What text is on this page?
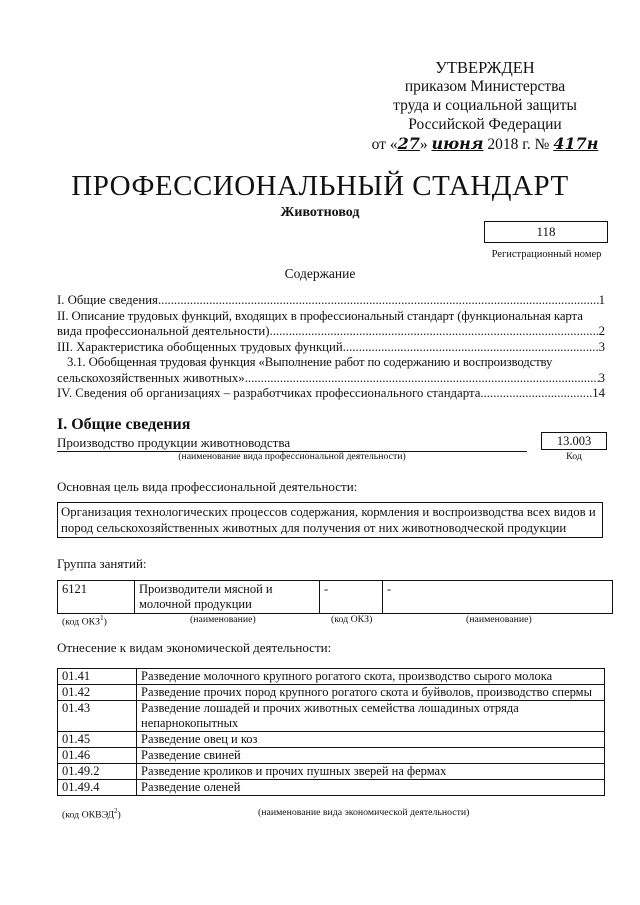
УТВЕРЖДЕН
приказом Министерства
труда и социальной защиты
Российской Федерации
от «27» июня 2018 г. № 417н
ПРОФЕССИОНАЛЬНЫЙ СТАНДАРТ
Животновод
118
Регистрационный номер
Содержание
I. Общие сведения .....	1
II. Описание трудовых функций, входящих в профессиональный стандарт (функциональная карта
вида профессиональной деятельности) .....	2
III. Характеристика обобщенных трудовых функций .....	3
3.1. Обобщенная трудовая функция «Выполнение работ по содержанию и воспроизводству
сельскохозяйственных животных» .....	3
IV. Сведения об организациях – разработчиках профессионального стандарта .....	14
I. Общие сведения
Производство продукции животноводства
(наименование вида профессиональной деятельности)
13.003
Код
Основная цель вида профессиональной деятельности:
Организация технологических процессов содержания, кормления и воспроизводства всех видов и пород сельскохозяйственных животных для получения от них животноводческой продукции
Группа занятий:
6121	Производители мясной и молочной продукции	-	-
(код ОКЗ$^1$)	(наименование)	(код ОКЗ)	(наименование)
Отнесение к видам экономической деятельности:
01.41	Разведение молочного крупного рогатого скота, производство сырого молока
01.42	Разведение прочих пород крупного рогатого скота и буйволов, производство спермы
01.43	Разведение лошадей и прочих животных семейства лошадиных отряда непарнокопытных
01.45	Разведение овец и коз
01.46	Разведение свиней
01.49.2	Разведение кроликов и прочих пушных зверей на фермах
01.49.4	Разведение оленей
(код ОКВЭД$^2$)	(наименование вида экономической деятельности)
